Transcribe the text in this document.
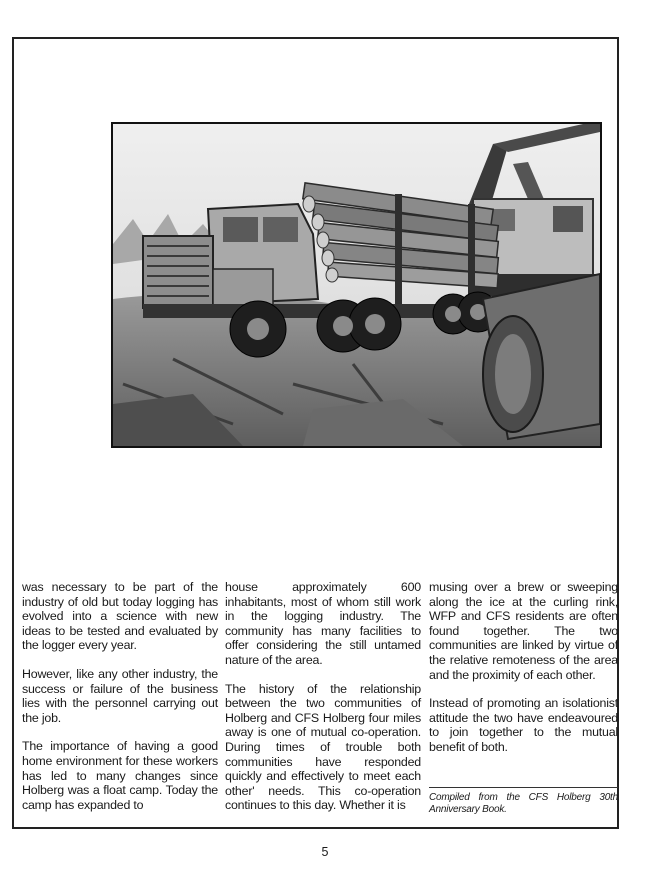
was necessary to be part of the industry of old but today logging has evolved into a science with new ideas to be tested and evaluated by the logger every year.

However, like any other industry, the success or failure of the business lies with the personnel carrying out the job.

The importance of having a good home environment for these workers has led to many changes since Holberg was a float camp. Today the camp has expanded to

house approximately 600 inhabitants, most of whom still work in the logging industry. The community has many facilities to offer considering the still untamed nature of the area.

The history of the relationship between the two communities of Holberg and CFS Holberg four miles away is one of mutual co-operation. During times of trouble both communities have responded quickly and effectively to meet each other' needs. This co-operation continues to this day. Whether it is

musing over a brew or sweeping along the ice at the curling rink, WFP and CFS residents are often found together. The two communities are linked by virtue of the relative remoteness of the area and the proximity of each other.

Instead of promoting an isolationist attitude the two have endeavoured to join together to the mutual benefit of both.

Compiled from the CFS Holberg 30th Anniversary Book.

5
